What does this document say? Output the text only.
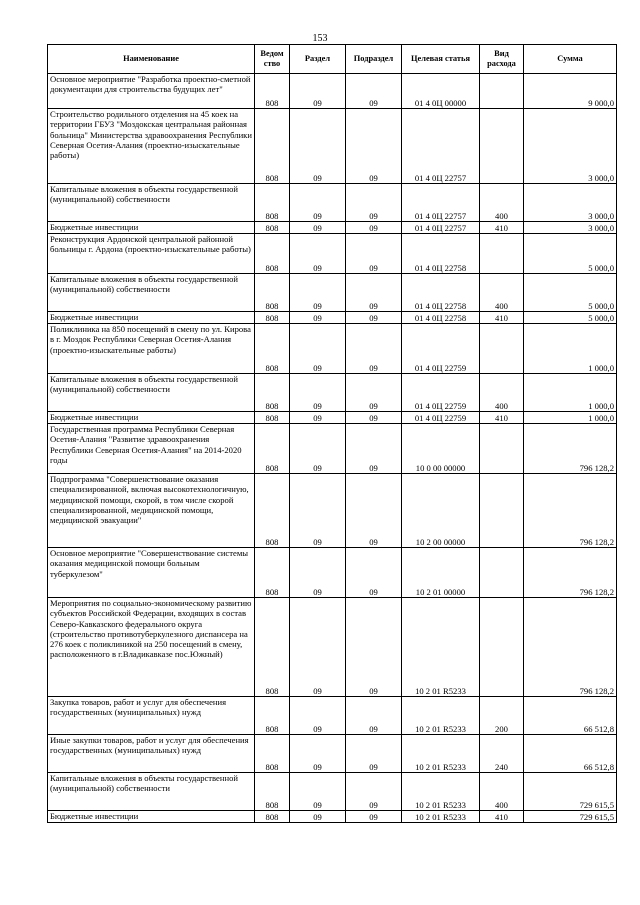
153
Наименование	Ведом ство	Раздел	Подраздел	Целевая статья	Вид расхода	Сумма
Основное мероприятие "Разработка проектно-сметной документации для строительства будущих лет"	808	09	09	01 4 0Ц 00000		9 000,0
Строительство родильного отделения на 45 коек на территории ГБУЗ "Моздокская центральная районная больница" Министерства здравоохранения Республики Северная Осетия-Алания (проектно-изыскательные работы)	808	09	09	01 4 0Ц 22757		3 000,0
Капитальные вложения в объекты государственной (муниципальной) собственности	808	09	09	01 4 0Ц 22757	400	3 000,0
Бюджетные инвестиции	808	09	09	01 4 0Ц 22757	410	3 000,0
Реконструкция Ардонской центральной районной больницы г. Ардона (проектно-изыскательные работы)	808	09	09	01 4 0Ц 22758		5 000,0
Капитальные вложения в объекты государственной (муниципальной) собственности	808	09	09	01 4 0Ц 22758	400	5 000,0
Бюджетные инвестиции	808	09	09	01 4 0Ц 22758	410	5 000,0
Поликлиника на 850 посещений в смену по ул. Кирова в г. Моздок Республики Северная Осетия-Алания (проектно-изыскательные работы)	808	09	09	01 4 0Ц 22759		1 000,0
Капитальные вложения в объекты государственной (муниципальной) собственности	808	09	09	01 4 0Ц 22759	400	1 000,0
Бюджетные инвестиции	808	09	09	01 4 0Ц 22759	410	1 000,0
Государственная программа Республики Северная Осетия-Алания "Развитие здравоохранения Республики Северная Осетия-Алания" на 2014-2020 годы	808	09	09	10 0 00 00000		796 128,2
Подпрограмма "Совершенствование оказания специализированной, включая высокотехнологичную, медицинской помощи, скорой, в том числе скорой специализированной, медицинской помощи, медицинской эвакуации"	808	09	09	10 2 00 00000		796 128,2
Основное мероприятие "Совершенствование системы оказания медицинской помощи больным туберкулезом"	808	09	09	10 2 01 00000		796 128,2
Мероприятия по социально-экономическому развитию субъектов Российской Федерации, входящих в состав Северо-Кавказского федерального округа (строительство противотуберкулезного диспансера на 276 коек с поликлиникой на 250 посещений в смену, расположенного в г.Владикавказе пос.Южный)	808	09	09	10 2 01 R5233		796 128,2
Закупка товаров, работ и услуг для обеспечения государственных (муниципальных) нужд	808	09	09	10 2 01 R5233	200	66 512,8
Иные закупки товаров, работ и услуг для обеспечения государственных (муниципальных) нужд	808	09	09	10 2 01 R5233	240	66 512,8
Капитальные вложения в объекты государственной (муниципальной) собственности	808	09	09	10 2 01 R5233	400	729 615,5
Бюджетные инвестиции	808	09	09	10 2 01 R5233	410	729 615,5
